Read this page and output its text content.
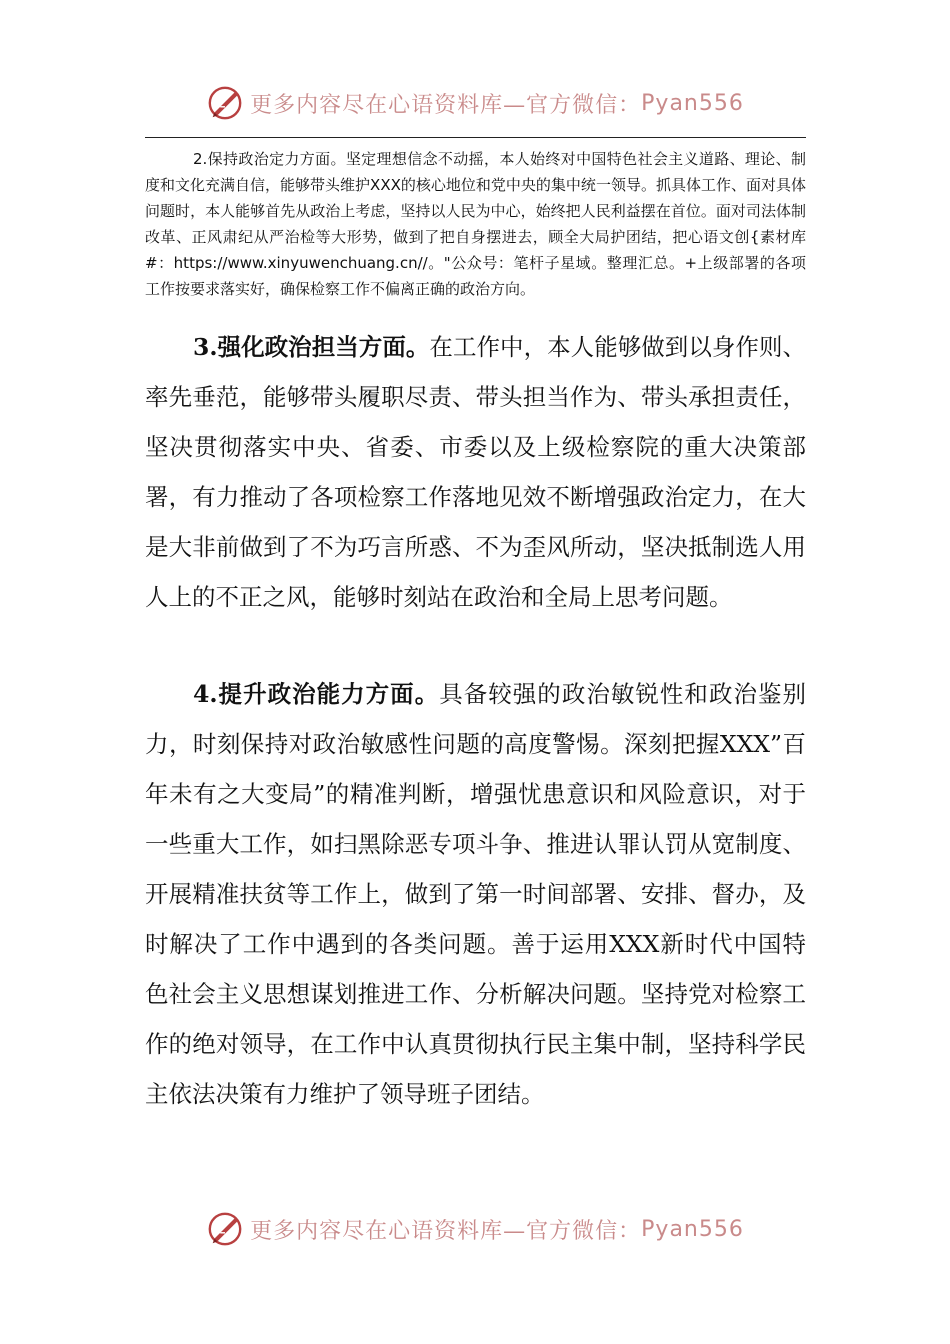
更多内容尽在心语资料库—官方微信： Pyan556

2.保持政治定力方面。坚定理想信念不动摇，本人始终对中国特色社会主义道路、理论、制度和文化充满自信，能够带头维护XXX的核心地位和党中央的集中统一领导。抓具体工作、面对具体问题时，本人能够首先从政治上考虑，坚持以人民为中心，始终把人民利益摆在首位。面对司法体制改革、正风肃纪从严治检等大形势，做到了把自身摆进去，顾全大局护团结，把心语文创{素材库#：https://www.xinyuwenchuang.cn//。"公众号：笔杆子星域。整理汇总。+上级部署的各项工作按要求落实好，确保检察工作不偏离正确的政治方向。

3.强化政治担当方面。在工作中，本人能够做到以身作则、率先垂范，能够带头履职尽责、带头担当作为、带头承担责任，坚决贯彻落实中央、省委、市委以及上级检察院的重大决策部署，有力推动了各项检察工作落地见效不断增强政治定力，在大是大非前做到了不为巧言所惑、不为歪风所动，坚决抵制选人用人上的不正之风，能够时刻站在政治和全局上思考问题。

4.提升政治能力方面。具备较强的政治敏锐性和政治鉴别力，时刻保持对政治敏感性问题的高度警惕。深刻把握XXX”百年未有之大变局”的精准判断，增强忧患意识和风险意识，对于一些重大工作，如扫黑除恶专项斗争、推进认罪认罚从宽制度、开展精准扶贫等工作上，做到了第一时间部署、安排、督办，及时解决了工作中遇到的各类问题。善于运用XXX新时代中国特色社会主义思想谋划推进工作、分析解决问题。坚持党对检察工作的绝对领导，在工作中认真贯彻执行民主集中制，坚持科学民主依法决策有力维护了领导班子团结。

更多内容尽在心语资料库—官方微信： Pyan556
